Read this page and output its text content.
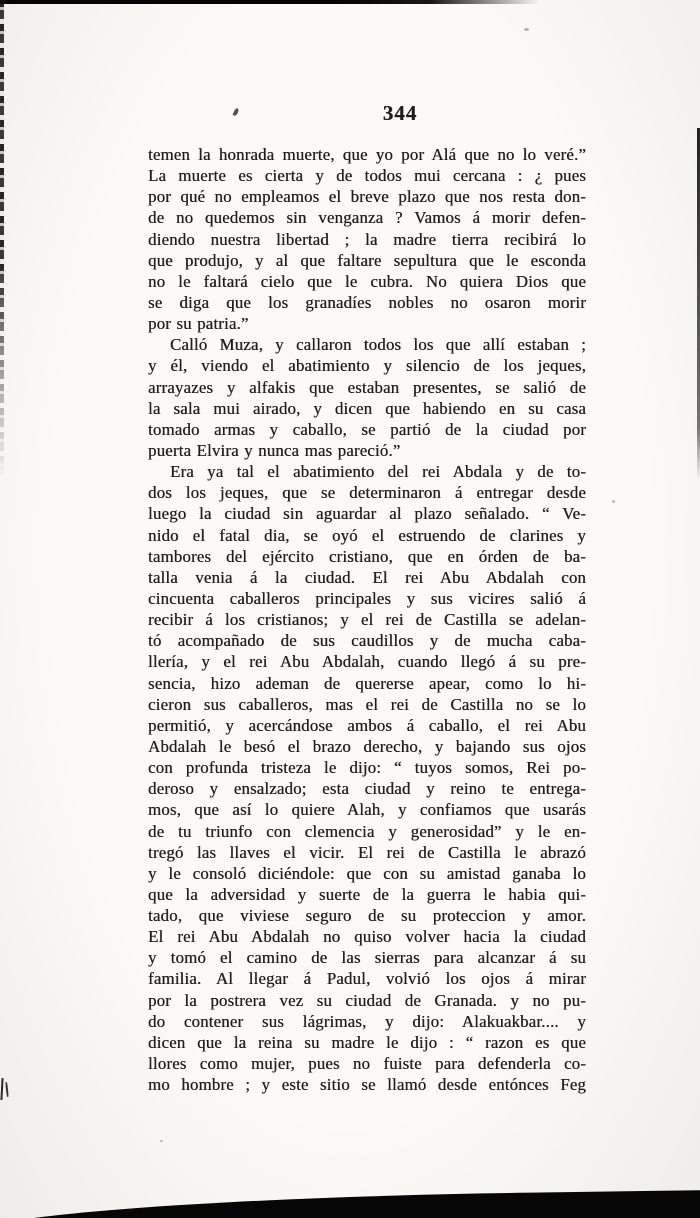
344
temen la honrada muerte, que yo por Alá que no lo veré.”
La muerte es cierta y de todos mui cercana : ¿ pues
por qué no empleamos el breve plazo que nos resta don-
de no quedemos sin venganza ? Vamos á morir defen-
diendo nuestra libertad ; la madre tierra recibirá lo
que produjo, y al que faltare sepultura que le esconda
no le faltará cielo que le cubra. No quiera Dios que
se diga que los granadíes nobles no osaron morir
por su patria.”
Calló Muza, y callaron todos los que allí estaban ;
y él, viendo el abatimiento y silencio de los jeques,
arrayazes y alfakis que estaban presentes, se salió de
la sala mui airado, y dicen que habiendo en su casa
tomado armas y caballo, se partió de la ciudad por
puerta Elvira y nunca mas pareció.”
Era ya tal el abatimiento del rei Abdala y de to-
dos los jeques, que se determinaron á entregar desde
luego la ciudad sin aguardar al plazo señalado. “ Ve-
nido el fatal dia, se oyó el estruendo de clarines y
tambores del ejército cristiano, que en órden de ba-
talla venia á la ciudad. El rei Abu Abdalah con
cincuenta caballeros principales y sus vicires salió á
recibir á los cristianos; y el rei de Castilla se adelan-
tó acompañado de sus caudillos y de mucha caba-
llería, y el rei Abu Abdalah, cuando llegó á su pre-
sencia, hizo ademan de quererse apear, como lo hi-
cieron sus caballeros, mas el rei de Castilla no se lo
permitió, y acercándose ambos á caballo, el rei Abu
Abdalah le besó el brazo derecho, y bajando sus ojos
con profunda tristeza le dijo: “ tuyos somos, Rei po-
deroso y ensalzado; esta ciudad y reino te entrega-
mos, que así lo quiere Alah, y confiamos que usarás
de tu triunfo con clemencia y generosidad” y le en-
tregó las llaves el vicir. El rei de Castilla le abrazó
y le consoló diciéndole: que con su amistad ganaba lo
que la adversidad y suerte de la guerra le habia qui-
tado, que viviese seguro de su proteccion y amor.
El rei Abu Abdalah no quiso volver hacia la ciudad
y tomó el camino de las sierras para alcanzar á su
familia. Al llegar á Padul, volvió los ojos á mirar
por la postrera vez su ciudad de Granada. y no pu-
do contener sus lágrimas, y dijo: Alakuakbar.... y
dicen que la reina su madre le dijo : “ razon es que
llores como mujer, pues no fuiste para defenderla co-
mo hombre ; y este sitio se llamó desde entónces Feg
